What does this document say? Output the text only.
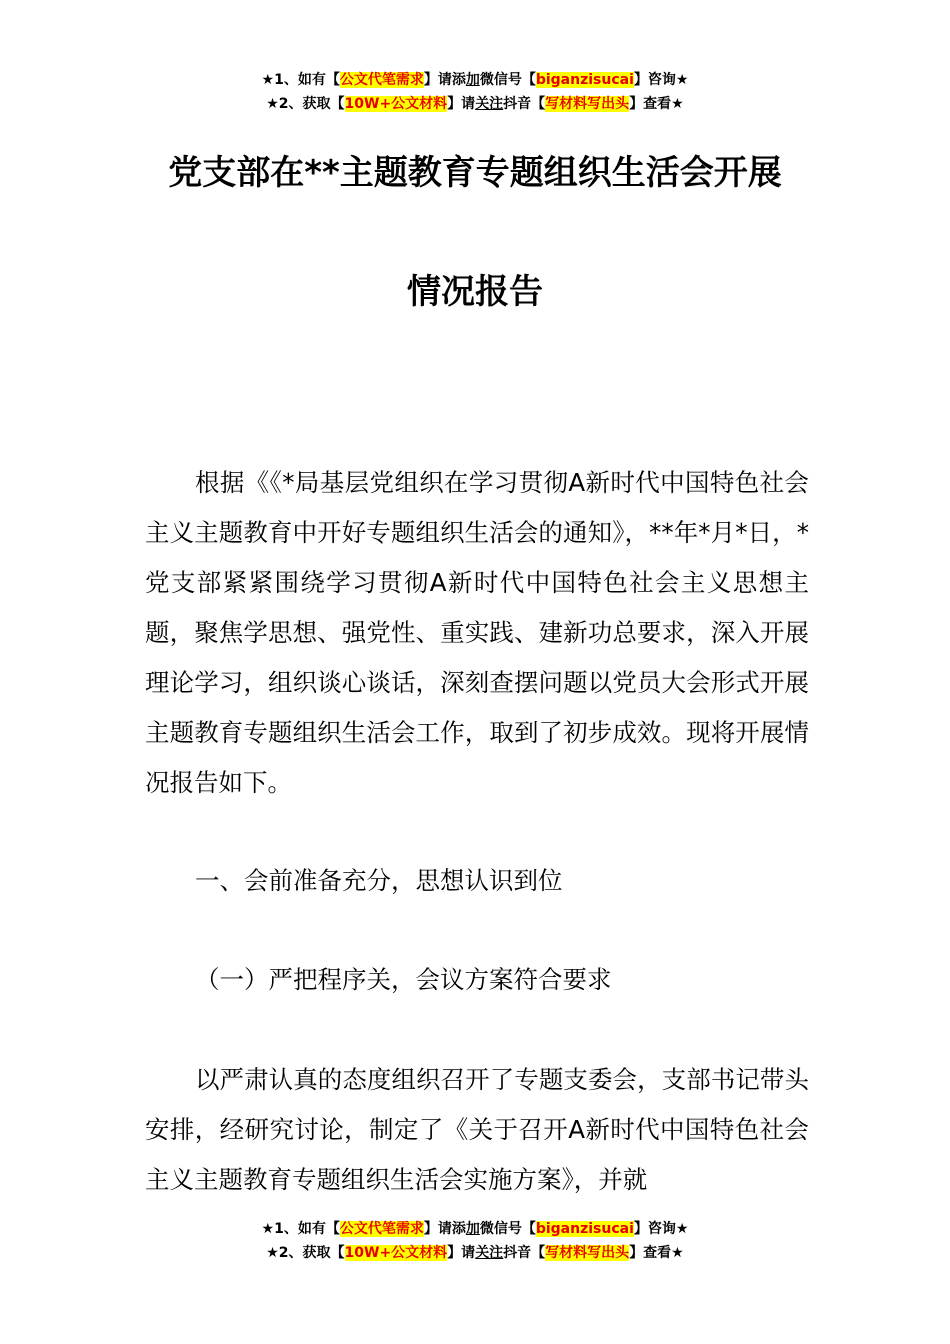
★1、如有【公文代笔需求】请添加微信号【biganzisucai】咨询★
★2、获取【10W+公文材料】请关注抖音【写材料写出头】查看★
党支部在**主题教育专题组织生活会开展
情况报告

根据《《*局基层党组织在学习贯彻A新时代中国特色社会主义主题教育中开好专题组织生活会的通知》，**年*月*日，*党支部紧紧围绕学习贯彻A新时代中国特色社会主义思想主题，聚焦学思想、强党性、重实践、建新功总要求，深入开展理论学习，组织谈心谈话，深刻查摆问题以党员大会形式开展主题教育专题组织生活会工作，取到了初步成效。现将开展情况报告如下。

一、会前准备充分，思想认识到位

（一）严把程序关，会议方案符合要求

以严肃认真的态度组织召开了专题支委会，支部书记带头安排，经研究讨论，制定了《关于召开A新时代中国特色社会主义主题教育专题组织生活会实施方案》，并就

★1、如有【公文代笔需求】请添加微信号【biganzisucai】咨询★
★2、获取【10W+公文材料】请关注抖音【写材料写出头】查看★
